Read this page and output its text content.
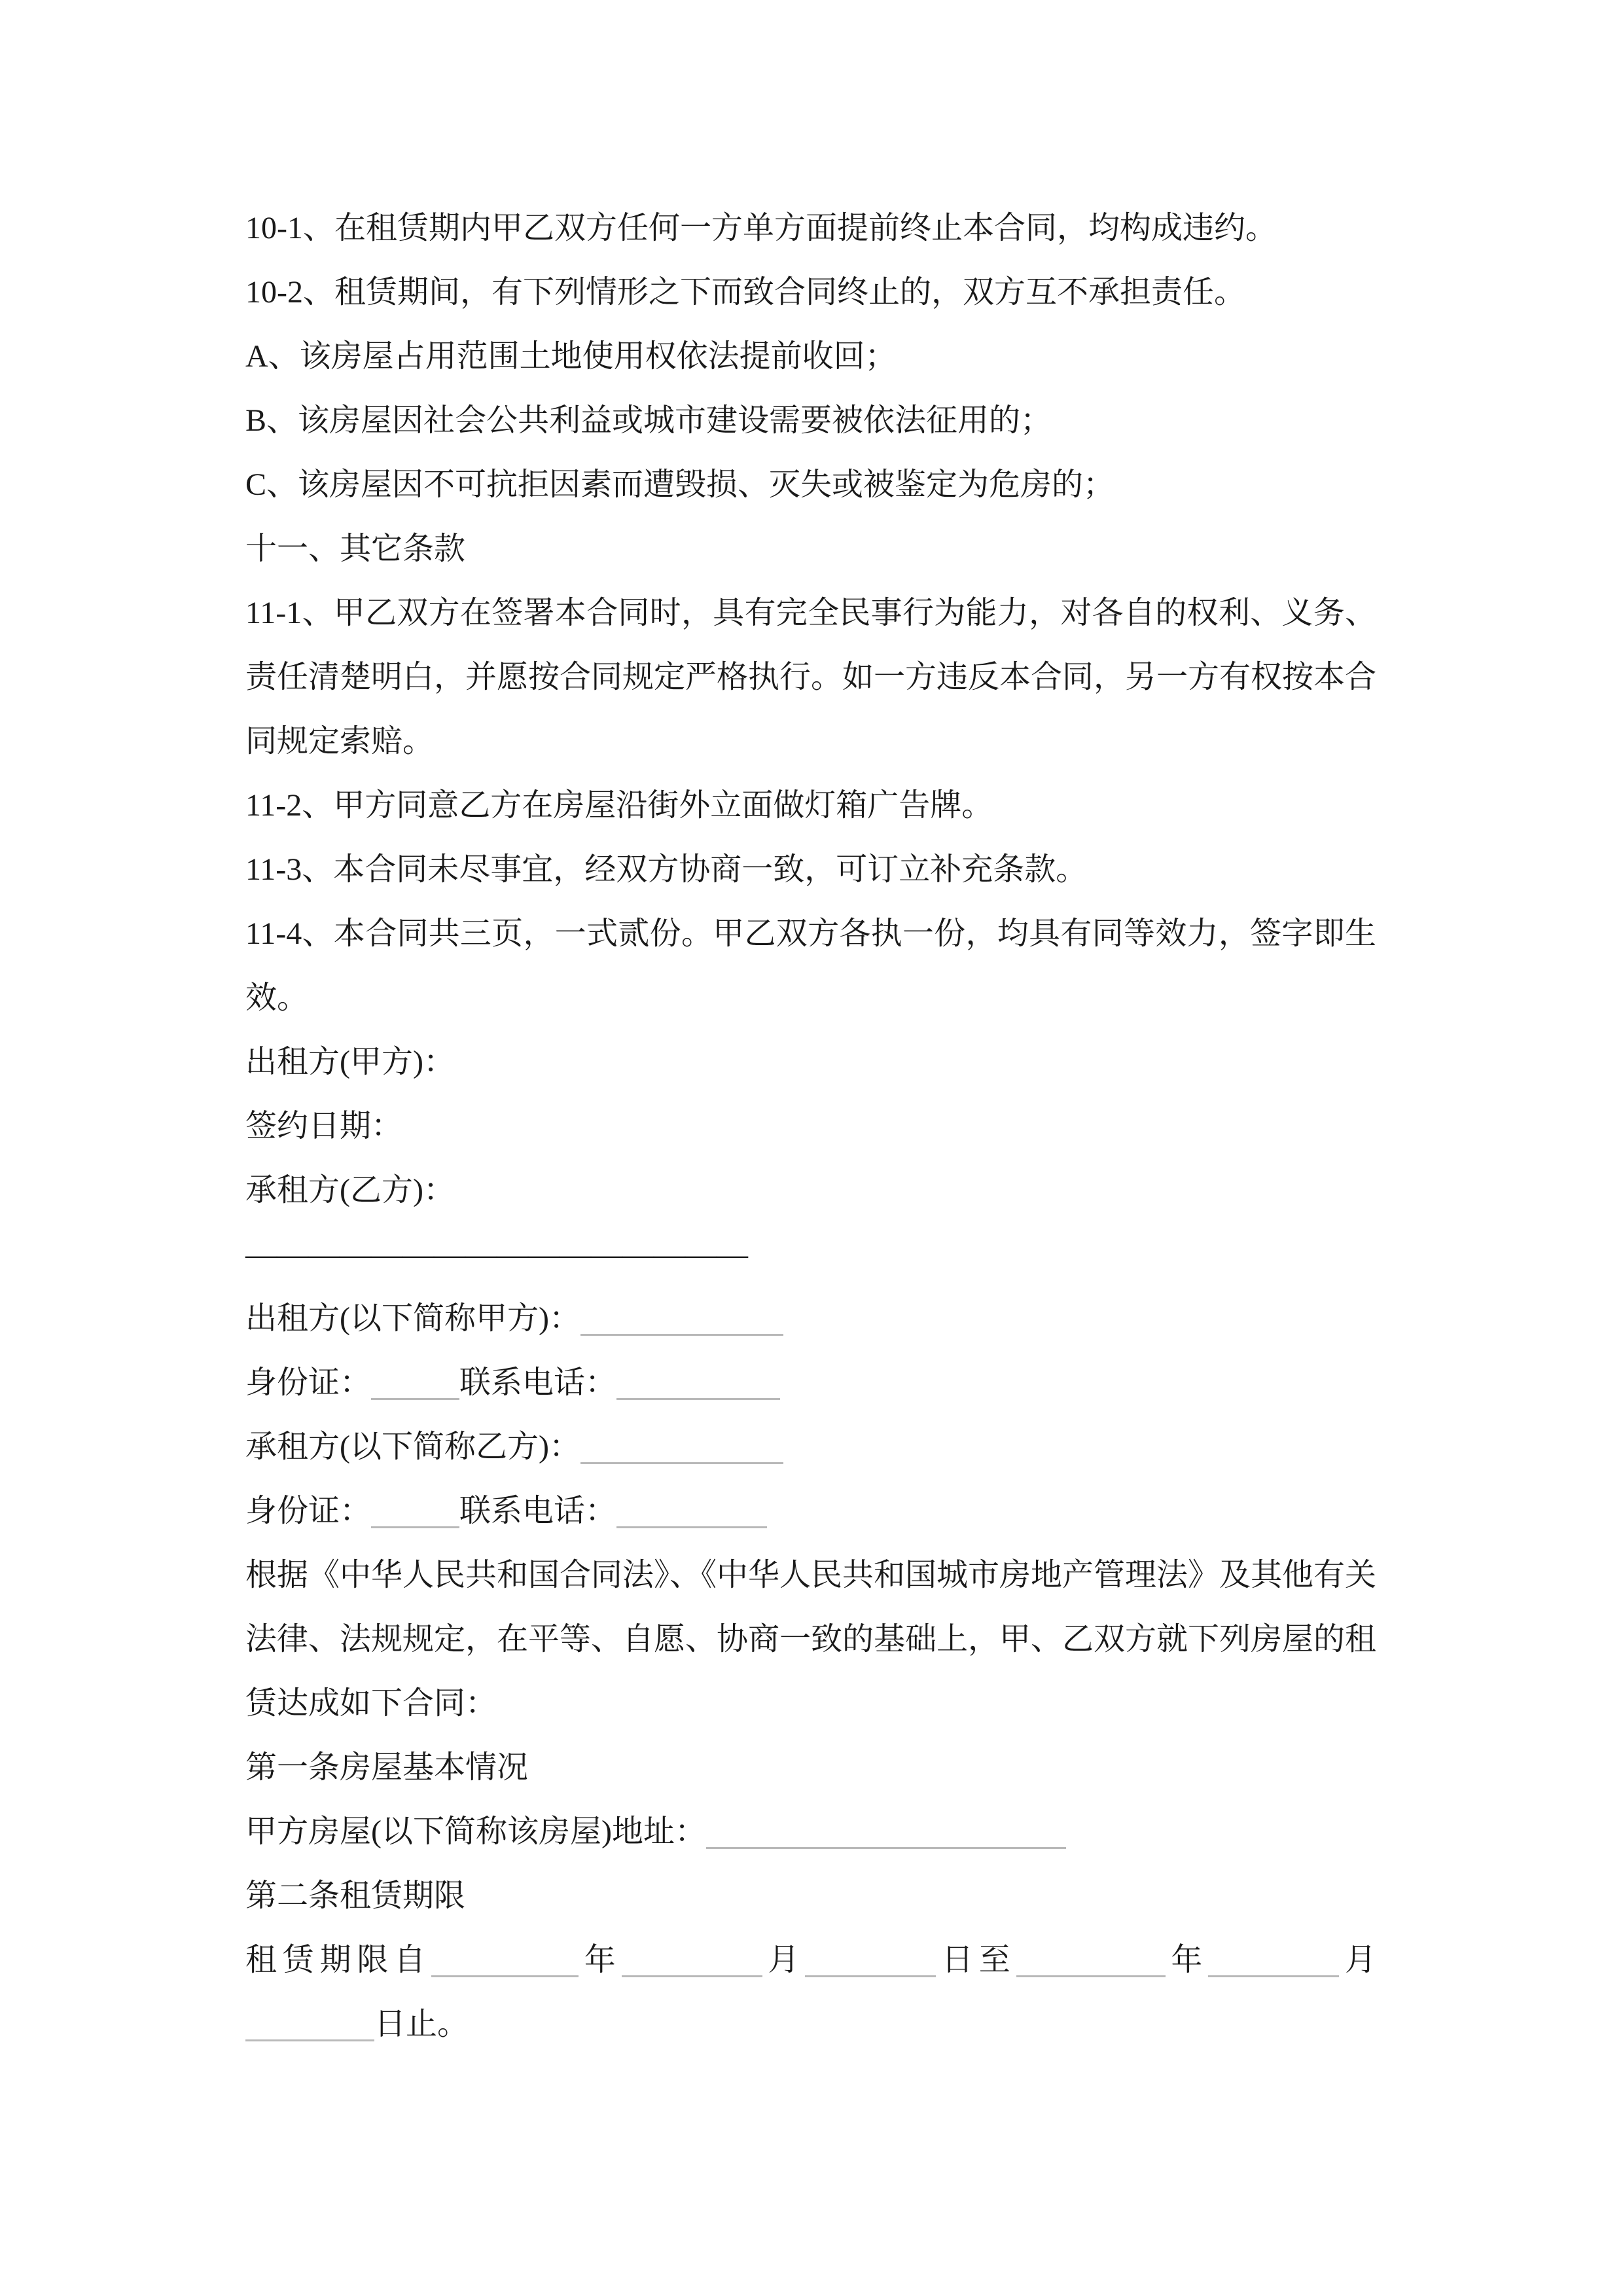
10-1、在租赁期内甲乙双方任何一方单方面提前终止本合同，均构成违约。

10-2、租赁期间，有下列情形之下而致合同终止的，双方互不承担责任。

A、该房屋占用范围土地使用权依法提前收回；

B、该房屋因社会公共利益或城市建设需要被依法征用的；

C、该房屋因不可抗拒因素而遭毁损、灭失或被鉴定为危房的；

十一、其它条款

11-1、甲乙双方在签署本合同时，具有完全民事行为能力，对各自的权利、义务、责任清楚明白，并愿按合同规定严格执行。如一方违反本合同，另一方有权按本合同规定索赔。

11-2、甲方同意乙方在房屋沿街外立面做灯箱广告牌。

11-3、本合同未尽事宜，经双方协商一致，可订立补充条款。

11-4、本合同共三页，一式贰份。甲乙双方各执一份，均具有同等效力，签字即生效。

出租方(甲方)：

签约日期：

承租方(乙方)：

————————————————

出租方(以下简称甲方)：

身份证：	联系电话：

承租方(以下简称乙方)：

身份证：	联系电话：

根据《中华人民共和国合同法》、《中华人民共和国城市房地产管理法》及其他有关法律、法规规定，在平等、自愿、协商一致的基础上，甲、乙双方就下列房屋的租赁达成如下合同：

第一条房屋基本情况

甲方房屋(以下简称该房屋)地址：

第二条租赁期限

租赁期限自	年	月	日至	年	月日止。
